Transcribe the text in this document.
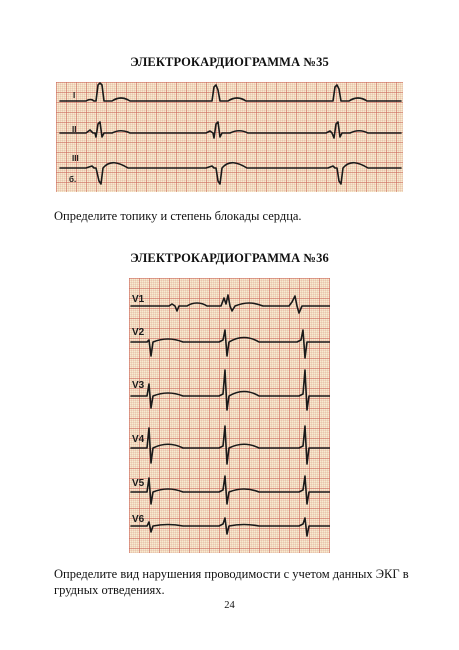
ЭЛЕКТРОКАРДИОГРАММА №35
I
II
III
б.
Определите топику и степень блокады сердца.
ЭЛЕКТРОКАРДИОГРАММА №36
V1
V2
V3
V4
V5
V6
Определите вид нарушения проводимости с учетом данных ЭКГ в грудных отведениях.
24
